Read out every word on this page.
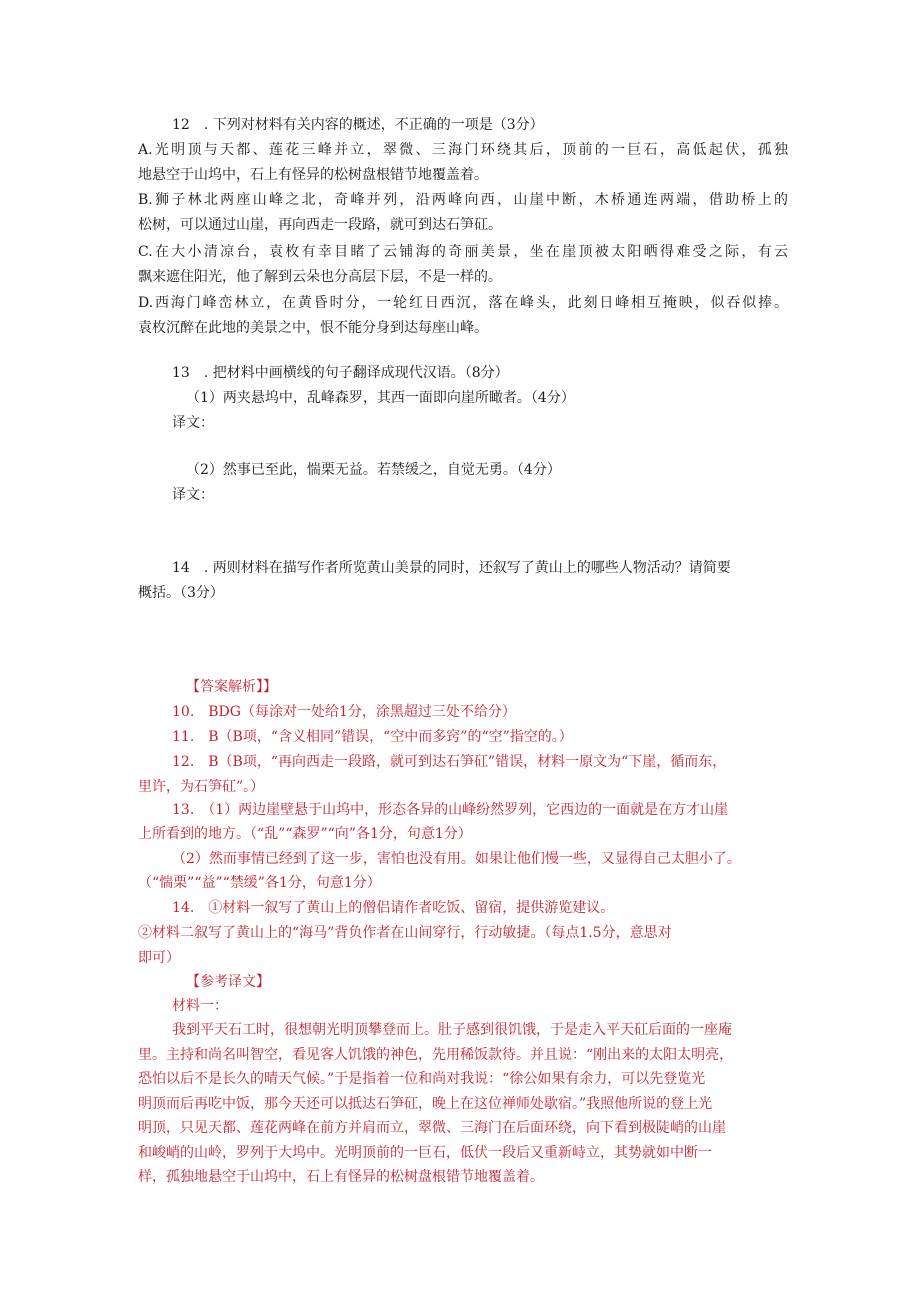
12　. 下列对材料有关内容的概述，不正确的一项是（3分）
A.光明顶与天都、莲花三峰并立，翠微、三海门环绕其后，顶前的一巨石，高低起伏，孤独
地悬空于山坞中，石上有怪异的松树盘根错节地覆盖着。
B.狮子林北两座山峰之北，奇峰并列，沿两峰向西，山崖中断，木桥通连两端，借助桥上的
松树，可以通过山崖，再向西走一段路，就可到达石笋矼。
C.在大小清凉台，袁枚有幸目睹了云铺海的奇丽美景，坐在崖顶被太阳晒得难受之际，有云
飘来遮住阳光，他了解到云朵也分高层下层，不是一样的。
D.西海门峰峦林立，在黄昏时分，一轮红日西沉，落在峰头，此刻日峰相互掩映，似吞似捧。
袁枚沉醉在此地的美景之中，恨不能分身到达每座山峰。
13　. 把材料中画横线的句子翻译成现代汉语。（8分）
（1）两夹悬坞中，乱峰森罗，其西一面即向崖所瞰者。（4分）
译文：
（2）然事已至此，惴栗无益。若禁缓之，自觉无勇。（4分）
译文：
14　. 两则材料在描写作者所览黄山美景的同时，还叙写了黄山上的哪些人物活动？请简要
概括。（3分）
【答案解析】】
10.　BDG（每涂对一处给1分，涂黑超过三处不给分）
11.　B（B项，“含义相同”错误，“空中而多窍”的“空”指空的。）
12.　B（B项，“再向西走一段路，就可到达石笋矼”错误，材料一原文为“下崖，循而东，
里许，为石笋矼”。）
13.　（1）两边崖壁悬于山坞中，形态各异的山峰纷然罗列，它西边的一面就是在方才山崖
上所看到的地方。（“乱”“森罗”“向”各1分，句意1分）
（2）然而事情已经到了这一步，害怕也没有用。如果让他们慢一些，又显得自己太胆小了。
（“惴栗”“益”“禁缓”各1分，句意1分）
14.　①材料一叙写了黄山上的僧侣请作者吃饭、留宿，提供游览建议。
②材料二叙写了黄山上的“海马”背负作者在山间穿行，行动敏捷。（每点1.5分，意思对
即可）
【参考译文】
材料一：
我到平天石工时，很想朝光明顶攀登而上。肚子感到很饥饿，于是走入平天矼后面的一座庵
里。主持和尚名叫智空，看见客人饥饿的神色，先用稀饭款待。并且说：“刚出来的太阳太明亮，
恐怕以后不是长久的晴天气候。”于是指着一位和尚对我说：“徐公如果有余力，可以先登览光
明顶而后再吃中饭，那今天还可以抵达石笋矼，晚上在这位禅师处歇宿。”我照他所说的登上光
明顶，只见天都、莲花两峰在前方并肩而立，翠微、三海门在后面环绕，向下看到极陡峭的山崖
和峻峭的山岭，罗列于大坞中。光明顶前的一巨石，低伏一段后又重新峙立，其势就如中断一
样，孤独地悬空于山坞中，石上有怪异的松树盘根错节地覆盖着。
